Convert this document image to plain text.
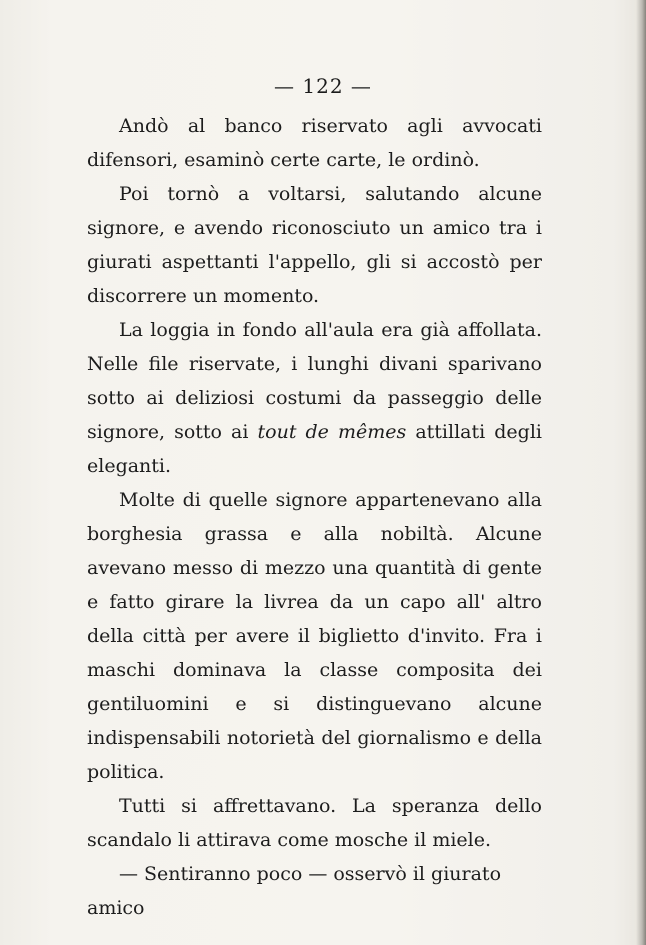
— 122 —

Andò al banco riservato agli avvocati difensori, esaminò certe carte, le ordinò.

Poi tornò a voltarsi, salutando alcune signore, e avendo riconosciuto un amico tra i giurati aspettanti l'appello, gli si accostò per discorrere un momento.

La loggia in fondo all'aula era già affollata. Nelle file riservate, i lunghi divani sparivano sotto ai deliziosi costumi da passeggio delle signore, sotto ai tout de mêmes attillati degli eleganti.

Molte di quelle signore appartenevano alla borghesia grassa e alla nobiltà. Alcune avevano messo di mezzo una quantità di gente e fatto girare la livrea da un capo all' altro della città per avere il biglietto d'invito. Fra i maschi dominava la classe composita dei gentiluomini e si distinguevano alcune indispensabili notorietà del giornalismo e della politica.

Tutti si affrettavano. La speranza dello scandalo li attirava come mosche il miele.

— Sentiranno poco — osservò il giurato amico
